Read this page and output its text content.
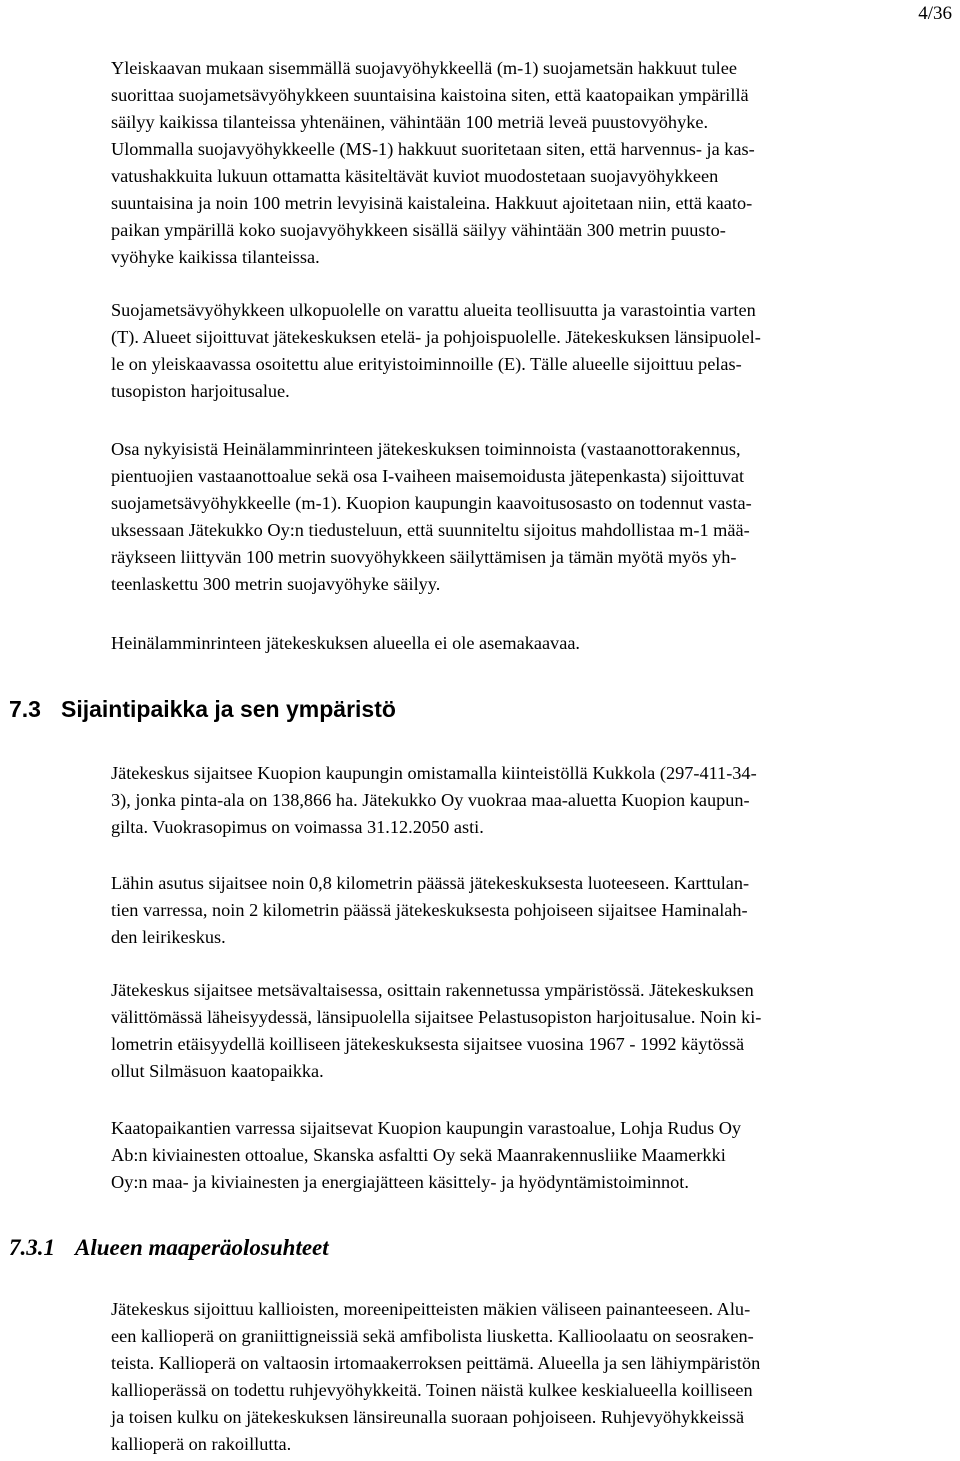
4/36
Yleiskaavan mukaan sisemmällä suojavyöhykkeellä (m-1) suojametsän hakkuut tulee
suorittaa suojametsävyöhykkeen suuntaisina kaistoina siten, että kaatopaikan ympärillä
säilyy kaikissa tilanteissa yhtenäinen, vähintään 100 metriä leveä puustovyöhyke.
Ulommalla suojavyöhykkeelle (MS-1) hakkuut suoritetaan siten, että harvennus- ja kas-
vatushakkuita lukuun ottamatta käsiteltävät kuviot muodostetaan suojavyöhykkeen
suuntaisina ja noin 100 metrin levyisinä kaistaleina. Hakkuut ajoitetaan niin, että kaato-
paikan ympärillä koko suojavyöhykkeen sisällä säilyy vähintään 300 metrin puusto-
vyöhyke kaikissa tilanteissa.
Suojametsävyöhykkeen ulkopuolelle on varattu alueita teollisuutta ja varastointia varten
(T). Alueet sijoittuvat jätekeskuksen etelä- ja pohjoispuolelle. Jätekeskuksen länsipuolel-
le on yleiskaavassa osoitettu alue erityistoiminnoille (E). Tälle alueelle sijoittuu pelas-
tusopiston harjoitusalue.
Osa nykyisistä Heinälamminrinteen jätekeskuksen toiminnoista (vastaanottorakennus,
pientuojien vastaanottoalue sekä osa I-vaiheen maisemoidusta jätepenkasta) sijoittuvat
suojametsävyöhykkeelle (m-1). Kuopion kaupungin kaavoitusosasto on todennut vasta-
uksessaan Jätekukko Oy:n tiedusteluun, että suunniteltu sijoitus mahdollistaa m-1 mää-
räykseen liittyvän 100 metrin suovyöhykkeen säilyttämisen ja tämän myötä myös yh-
teenlaskettu 300 metrin suojavyöhyke säilyy.
Heinälamminrinteen jätekeskuksen alueella ei ole asemakaavaa.
7.3 Sijaintipaikka ja sen ympäristö
Jätekeskus sijaitsee Kuopion kaupungin omistamalla kiinteistöllä Kukkola (297-411-34-
3), jonka pinta-ala on 138,866 ha. Jätekukko Oy vuokraa maa-aluetta Kuopion kaupun-
gilta. Vuokrasopimus on voimassa 31.12.2050 asti.
Lähin asutus sijaitsee noin 0,8 kilometrin päässä jätekeskuksesta luoteeseen. Karttulan-
tien varressa, noin 2 kilometrin päässä jätekeskuksesta pohjoiseen sijaitsee Haminalah-
den leirikeskus.
Jätekeskus sijaitsee metsävaltaisessa, osittain rakennetussa ympäristössä. Jätekeskuksen
välittömässä läheisyydessä, länsipuolella sijaitsee Pelastusopiston harjoitusalue. Noin ki-
lometrin etäisyydellä koilliseen jätekeskuksesta sijaitsee vuosina 1967 - 1992 käytössä
ollut Silmäsuon kaatopaikka.
Kaatopaikantien varressa sijaitsevat Kuopion kaupungin varastoalue, Lohja Rudus Oy
Ab:n kiviainesten ottoalue, Skanska asfaltti Oy sekä Maanrakennusliike Maamerkki
Oy:n maa- ja kiviainesten ja energiajätteen käsittely- ja hyödyntämistoiminnot.
7.3.1 Alueen maaperäolosuhteet
Jätekeskus sijoittuu kallioisten, moreenipeitteisten mäkien väliseen painanteeseen. Alu-
een kallioperä on graniittigneissiä sekä amfibolista liusketta. Kallioolaatu on seosraken-
teista. Kallioperä on valtaosin irtomaakerroksen peittämä. Alueella ja sen lähiympäristön
kallioperässä on todettu ruhjevyöhykkeitä. Toinen näistä kulkee keskialueella koilliseen
ja toisen kulku on jätekeskuksen länsireunalla suoraan pohjoiseen. Ruhjevyöhykkeissä
kallioperä on rakoillutta.
